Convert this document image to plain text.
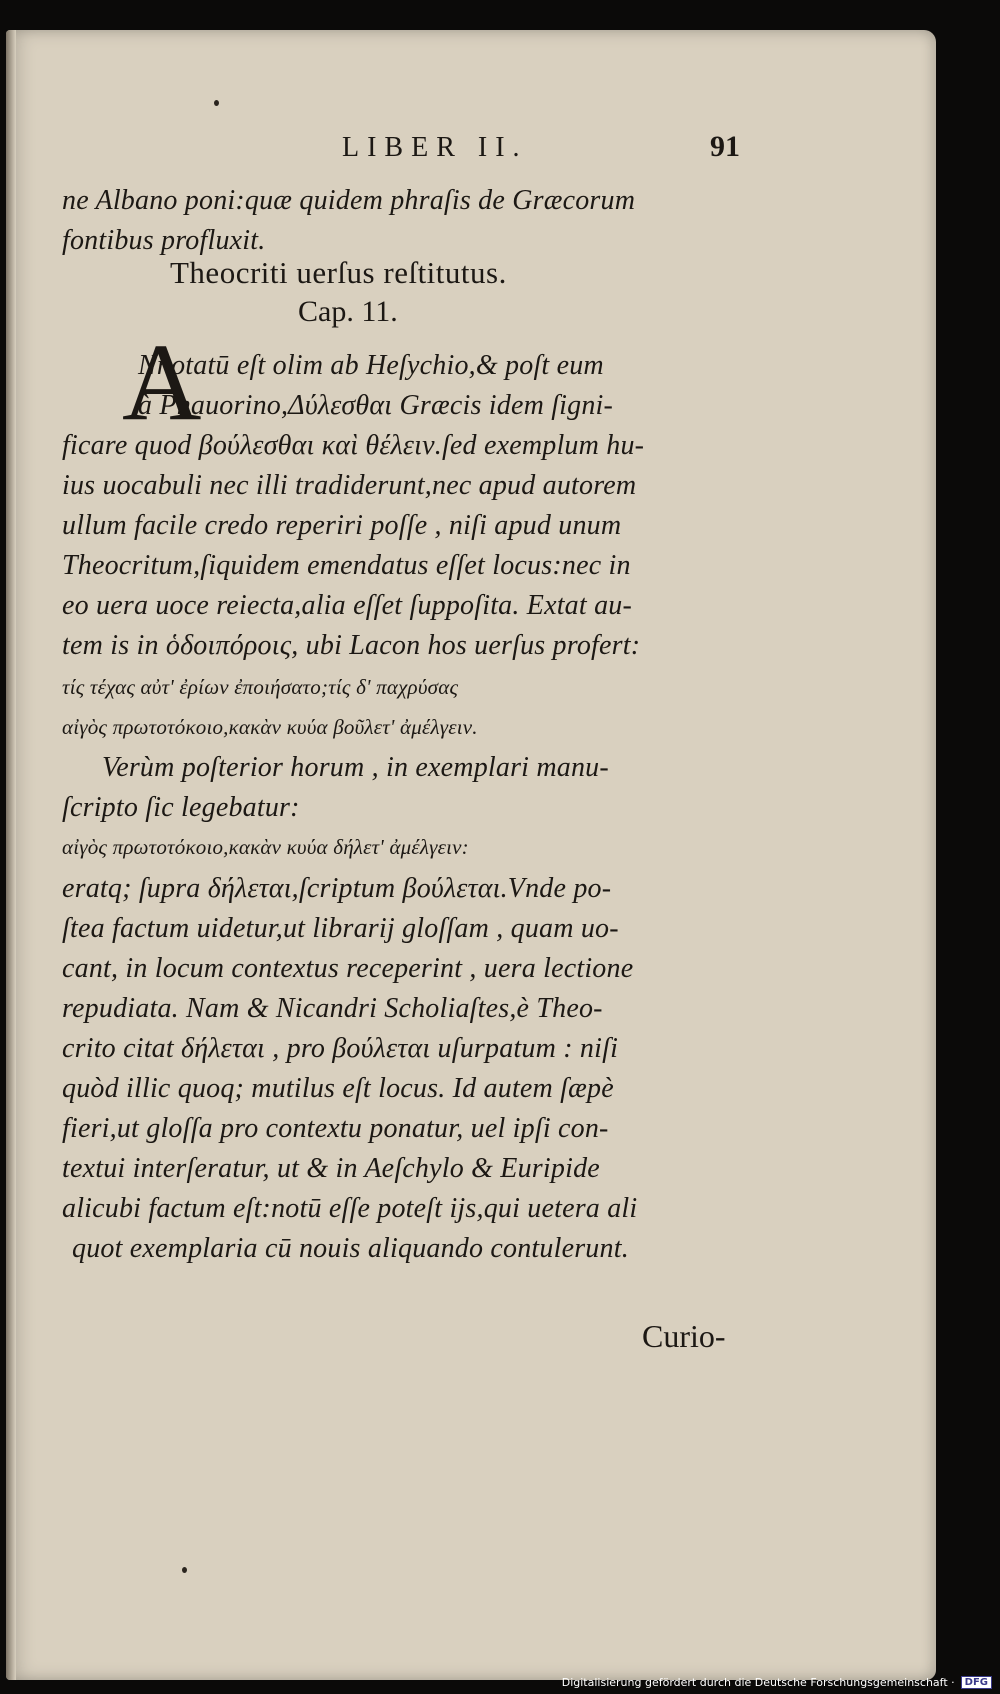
LIBER II.	91
ne Albano poni:quæ quidem phraſis de Græcorum
fontibus profluxit.
Theocriti uerſus reſtitutus.
Cap. 11.
A
Nnotatū eſt olim ab Heſychio,& poſt eum
à Phauorino,Δύλεσθαι Græcis idem ſigni-
ficare quod βούλεσθαι καὶ θέλειν.ſed exemplum hu-
ius uocabuli nec illi tradiderunt,nec apud autorem
ullum facile credo reperiri poſſe , niſi apud unum
Theocritum,ſiquidem emendatus eſſet locus:nec in
eo uera uoce reiecta,alia eſſet ſuppoſita. Extat au-
tem is in ὁδοιπόροις, ubi Lacon hos uerſus profert:
τίς τέχας αὐτ' ἐρίων ἐποιήσατο;τίς δ' παχρύσας
αἰγὸς πρωτοτόκοιο,κακὰν κυύα βοῦλετ' ἀμέλγειν.
Verùm poſterior horum , in exemplari manu-
ſcripto ſic legebatur:
αἰγὸς πρωτοτόκοιο,κακὰν κυύα δήλετ' ἀμέλγειν:
eratq; ſupra δήλεται,ſcriptum βούλεται.Vnde po-
ſtea factum uidetur,ut librarij gloſſam , quam uo-
cant, in locum contextus receperint , uera lectione
repudiata. Nam & Nicandri Scholiaſtes,è Theo-
crito citat δήλεται , pro βούλεται uſurpatum : niſi
quòd illic quoq; mutilus eſt locus. Id autem ſæpè
fieri,ut gloſſa pro contextu ponatur, uel ipſi con-
textui interſeratur, ut & in Aeſchylo & Euripide
alicubi factum eſt:notū eſſe poteſt ijs,qui uetera ali
quot exemplaria cū nouis aliquando contulerunt.
Curio-
Digitalisierung gefördert durch die Deutsche Forschungsgemeinschaft ·	DFG
